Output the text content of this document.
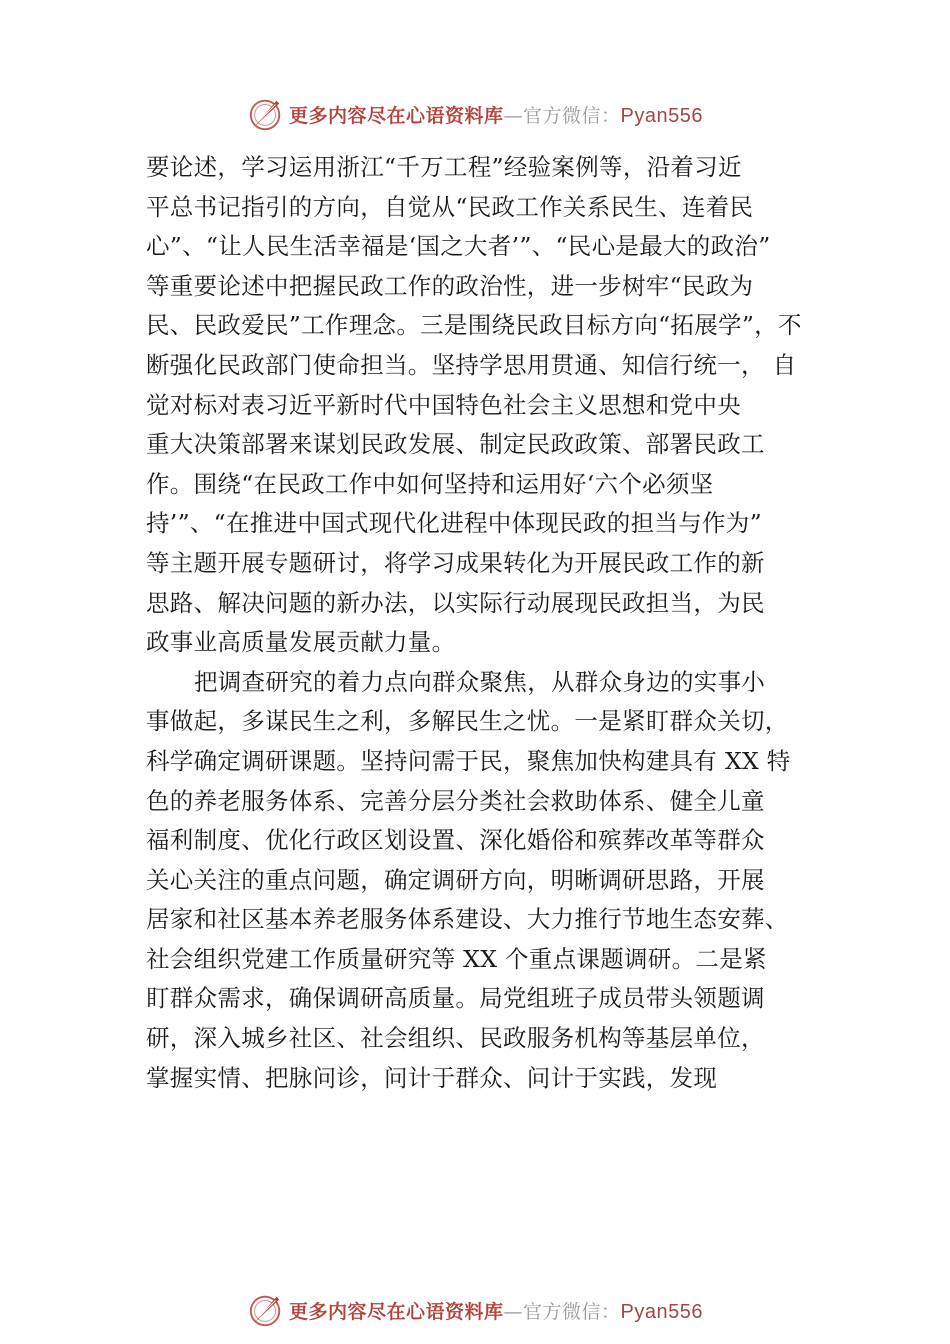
更多内容尽在心语资料库—官方微信：Pyan556
要论述，学习运用浙江“千万工程”经验案例等，沿着习近
平总书记指引的方向，自觉从“民政工作关系民生、连着民
心”、“让人民生活幸福是‘国之大者’”、“民心是最大的政治”
等重要论述中把握民政工作的政治性，进一步树牢“民政为
民、民政爱民”工作理念。三是围绕民政目标方向“拓展学”，不
断强化民政部门使命担当。坚持学思用贯通、知信行统一， 自
觉对标对表习近平新时代中国特色社会主义思想和党中央
重大决策部署来谋划民政发展、制定民政政策、部署民政工
作。围绕“在民政工作中如何坚持和运用好‘六个必须坚
持’”、“在推进中国式现代化进程中体现民政的担当与作为”
等主题开展专题研讨，将学习成果转化为开展民政工作的新
思路、解决问题的新办法，以实际行动展现民政担当，为民
政事业高质量发展贡献力量。
把调查研究的着力点向群众聚焦，从群众身边的实事小
事做起，多谋民生之利，多解民生之忧。一是紧盯群众关切，
科学确定调研课题。坚持问需于民，聚焦加快构建具有 XX 特
色的养老服务体系、完善分层分类社会救助体系、健全儿童
福利制度、优化行政区划设置、深化婚俗和殡葬改革等群众
关心关注的重点问题，确定调研方向，明晰调研思路，开展
居家和社区基本养老服务体系建设、大力推行节地生态安葬、
社会组织党建工作质量研究等 XX 个重点课题调研。二是紧
盯群众需求，确保调研高质量。局党组班子成员带头领题调
研，深入城乡社区、社会组织、民政服务机构等基层单位，
掌握实情、把脉问诊，问计于群众、问计于实践，发现
更多内容尽在心语资料库—官方微信：Pyan556
